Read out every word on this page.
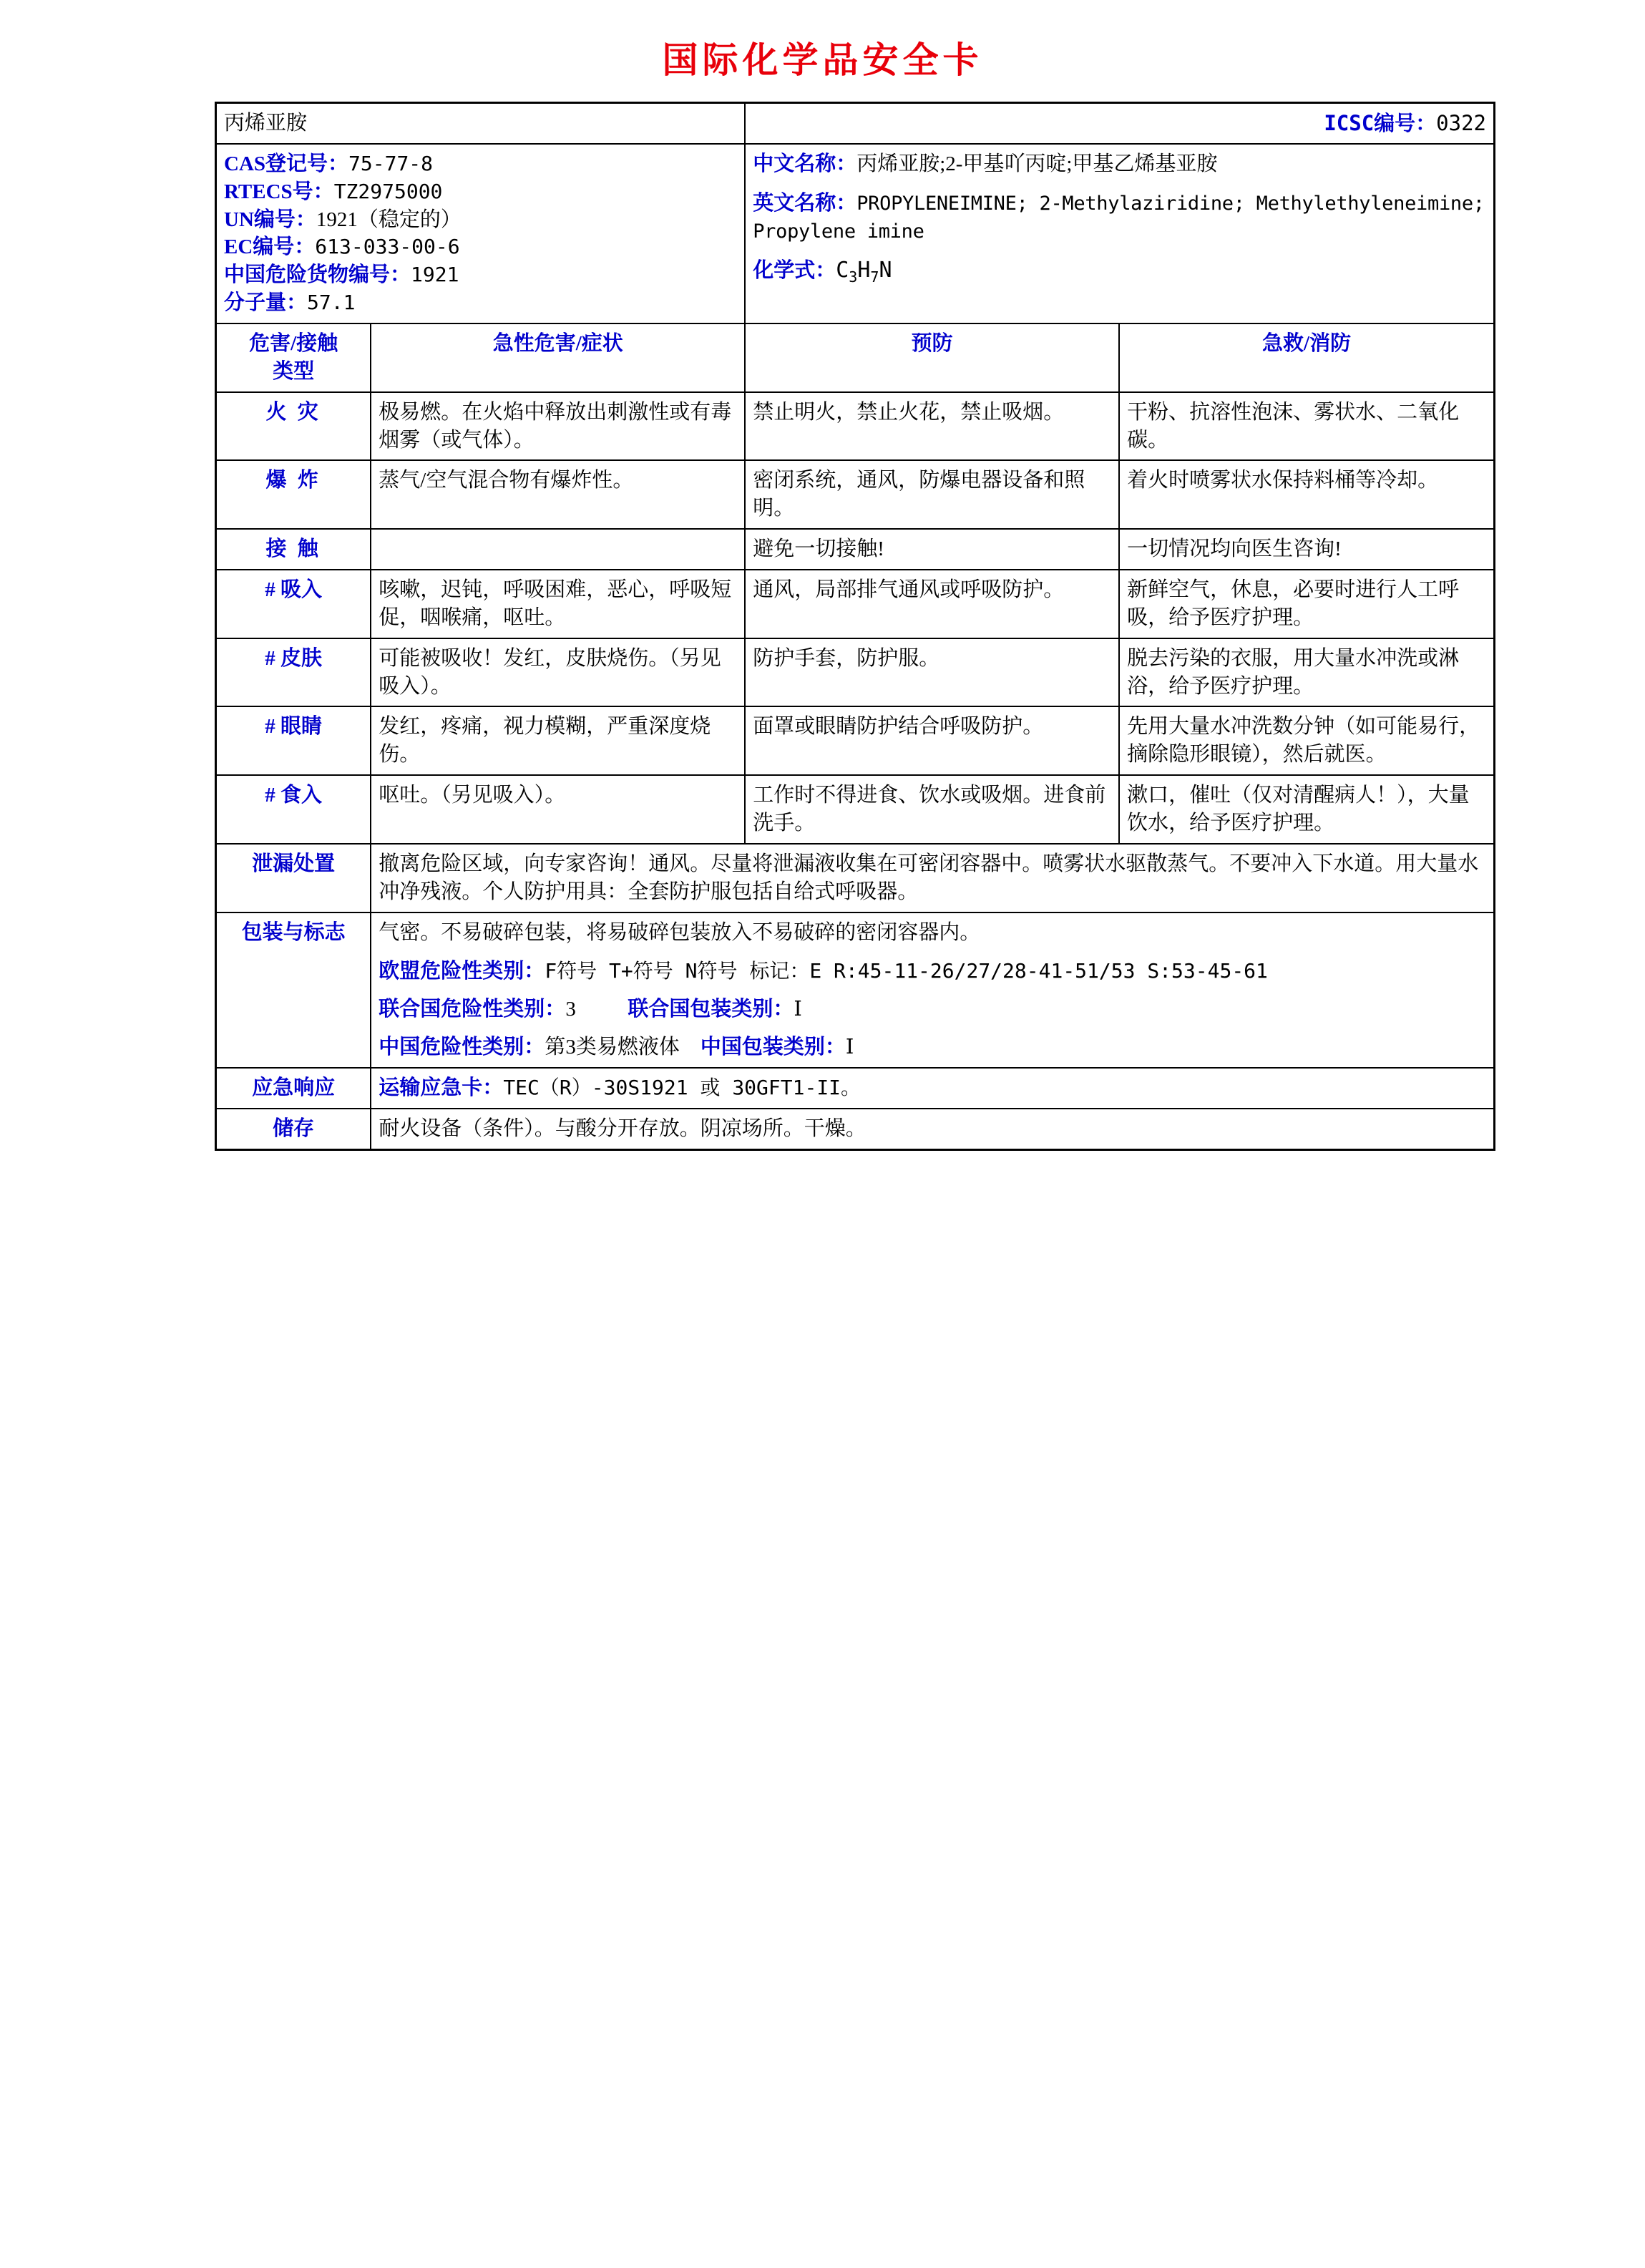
国际化学品安全卡
丙烯亚胺		ICSC编号：0322	

CAS登记号：75-77-8
RTECS号：TZ2975000
UN编号：1921（稳定的）
EC编号：613-033-00-6
中国危险货物编号：1921
分子量：57.1

中文名称：丙烯亚胺;2-甲基吖丙啶;甲基乙烯基亚胺
英文名称：PROPYLENEIMINE; 2-Methylaziridine; Methylethyleneimine; Propylene imine
化学式：$C_3H_7N$

危害/接触
类型	急性危害/症状	预防	急救/消防
火 灾	极易燃。在火焰中释放出刺激性或有毒烟雾（或气体）。	禁止明火，禁止火花，禁止吸烟。	干粉、抗溶性泡沫、雾状水、二氧化碳。
爆 炸	蒸气/空气混合物有爆炸性。	密闭系统，通风，防爆电器设备和照明。	着火时喷雾状水保持料桶等冷却。
接 触		避免一切接触!	一切情况均向医生咨询!
# 吸入	咳嗽，迟钝，呼吸困难，恶心，呼吸短促，咽喉痛，呕吐。	通风，局部排气通风或呼吸防护。	新鲜空气，休息，必要时进行人工呼吸，给予医疗护理。
# 皮肤	可能被吸收！发红，皮肤烧伤。（另见吸入）。	防护手套，防护服。	脱去污染的衣服，用大量水冲洗或淋浴，给予医疗护理。
# 眼睛	发红，疼痛，视力模糊，严重深度烧伤。	面罩或眼睛防护结合呼吸防护。	先用大量水冲洗数分钟（如可能易行，摘除隐形眼镜），然后就医。
# 食入	呕吐。（另见吸入）。	工作时不得进食、饮水或吸烟。进食前洗手。	漱口，催吐（仅对清醒病人！），大量饮水，给予医疗护理。
泄漏处置	撤离危险区域，向专家咨询！通风。尽量将泄漏液收集在可密闭容器中。喷雾状水驱散蒸气。不要冲入下水道。用大量水冲净残液。个人防护用具：全套防护服包括自给式呼吸器。		
包装与标志	气密。不易破碎包装，将易破碎包装放入不易破碎的密闭容器内。
欧盟危险性类别：F符号 T+符号 N符号 标记：E R:45-11-26/27/28-41-51/53 S:53-45-61
联合国危险性类别：3 联合国包装类别：Ⅰ
中国危险性类别：第3类易燃液体 中国包装类别：Ⅰ		

应急响应	运输应急卡：TEC（R）-30S1921 或 30GFT1-II。		
储存	耐火设备（条件）。与酸分开存放。阴凉场所。干燥。		
